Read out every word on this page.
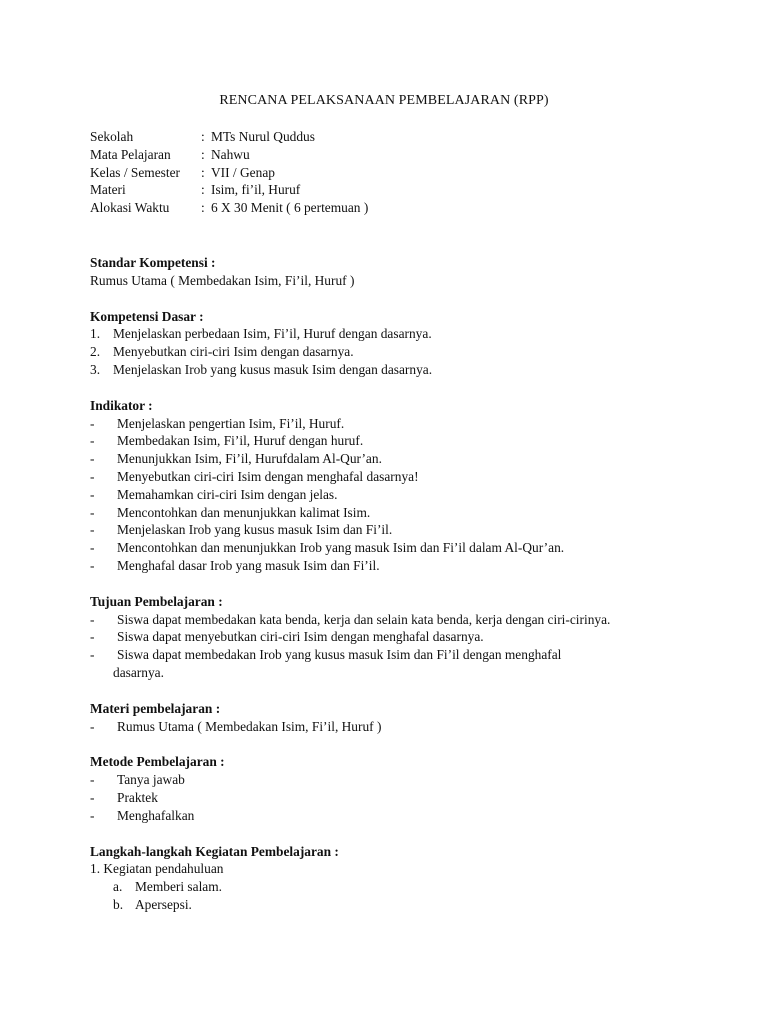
RENCANA PELAKSANAAN PEMBELAJARAN (RPP)
Sekolah	: MTs Nurul Quddus
Mata Pelajaran	: Nahwu
Kelas / Semester	: VII / Genap
Materi	: Isim, fi’il, Huruf
Alokasi Waktu	: 6 X 30 Menit ( 6 pertemuan )
Standar Kompetensi :
Rumus Utama ( Membedakan Isim, Fi’il, Huruf )
Kompetensi Dasar :
1. Menjelaskan perbedaan Isim, Fi’il, Huruf dengan dasarnya.
2. Menyebutkan ciri-ciri Isim dengan dasarnya.
3. Menjelaskan Irob yang kusus masuk Isim dengan dasarnya.
Indikator :
-	Menjelaskan pengertian Isim, Fi’il, Huruf.
-	Membedakan Isim, Fi’il, Huruf dengan huruf.
-	Menunjukkan Isim, Fi’il, Hurufdalam Al-Qur’an.
-	Menyebutkan ciri-ciri Isim dengan menghafal dasarnya!
-	Memahamkan ciri-ciri Isim dengan jelas.
-	Mencontohkan dan menunjukkan kalimat Isim.
-	Menjelaskan Irob yang kusus masuk Isim dan Fi’il.
-	Mencontohkan dan menunjukkan Irob yang masuk Isim dan Fi’il dalam Al-Qur’an.
-	Menghafal dasar Irob yang masuk Isim dan Fi’il.
Tujuan Pembelajaran :
-	Siswa dapat membedakan kata benda, kerja dan selain kata benda, kerja dengan ciri-cirinya.
-	Siswa dapat menyebutkan ciri-ciri Isim dengan menghafal dasarnya.
-	Siswa dapat membedakan Irob yang kusus masuk Isim dan Fi’il dengan menghafal
dasarnya.
Materi pembelajaran :
-	Rumus Utama ( Membedakan Isim, Fi’il, Huruf )
Metode Pembelajaran :
-	Tanya jawab
-	Praktek
-	Menghafalkan
Langkah-langkah Kegiatan Pembelajaran :
1. Kegiatan pendahuluan
a. Memberi salam.
b. Apersepsi.
